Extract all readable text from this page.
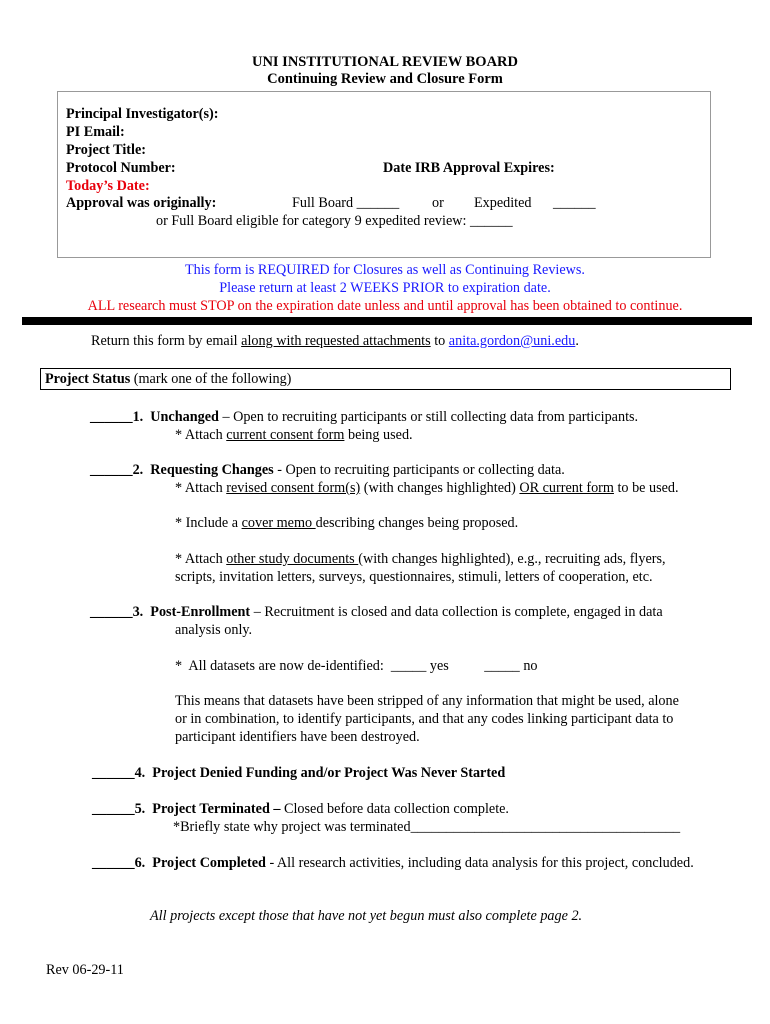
UNI INSTITUTIONAL REVIEW BOARD
Continuing Review and Closure Form
Principal Investigator(s):
PI Email:
Project Title:
Protocol Number:	Date IRB Approval Expires:
Today’s Date:
Approval was originally:	Full Board ______ or Expedited ______
or Full Board eligible for category 9 expedited review: ______
This form is REQUIRED for Closures as well as Continuing Reviews.
Please return at least 2 WEEKS PRIOR to expiration date.
ALL research must STOP on the expiration date unless and until approval has been obtained to continue.
Return this form by email along with requested attachments to anita.gordon@uni.edu.
Project Status (mark one of the following)
______1. Unchanged – Open to recruiting participants or still collecting data from participants.
* Attach current consent form being used.
______2. Requesting Changes - Open to recruiting participants or collecting data.
* Attach revised consent form(s) (with changes highlighted) OR current form to be used.
* Include a cover memo describing changes being proposed.
* Attach other study documents (with changes highlighted), e.g., recruiting ads, flyers,
scripts, invitation letters, surveys, questionnaires, stimuli, letters of cooperation, etc.
______3. Post-Enrollment – Recruitment is closed and data collection is complete, engaged in data
analysis only.
*  All datasets are now de-identified:  _____ yes          _____ no
This means that datasets have been stripped of any information that might be used, alone
or in combination, to identify participants, and that any codes linking participant data to
participant identifiers have been destroyed.
______4. Project Denied Funding and/or Project Was Never Started
______5. Project Terminated – Closed before data collection complete.
*Briefly state why project was terminated______________________________________
______6. Project Completed - All research activities, including data analysis for this project, concluded.
All projects except those that have not yet begun must also complete page 2.
Rev 06-29-11
